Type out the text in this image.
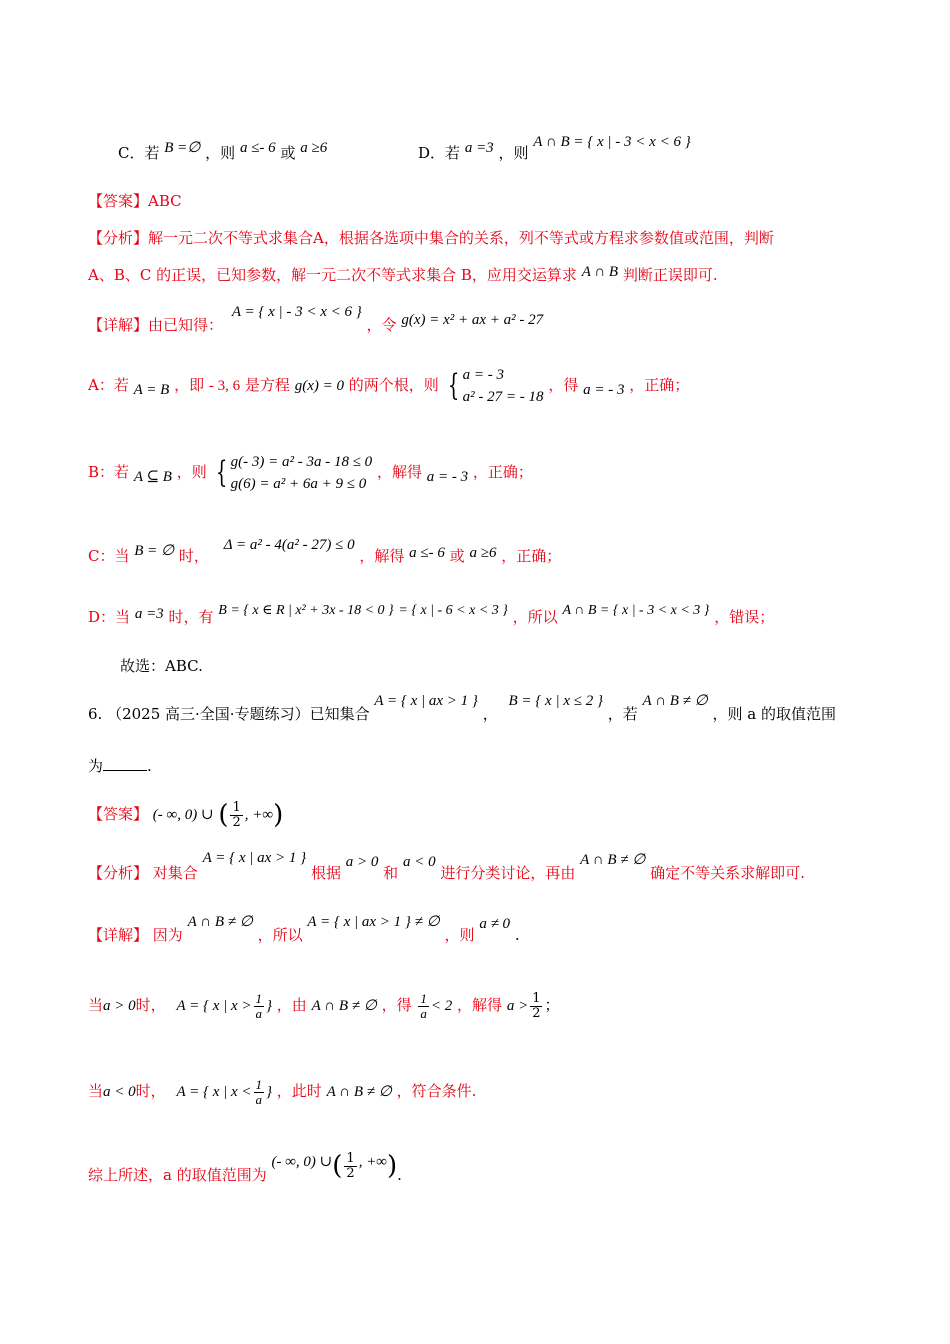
C．若 B =∅ ，则 a ≤- 6 或 a ≥6	D．若 a =3 ，则 A ∩ B = { x | - 3 < x < 6 }
【答案】ABC
【分析】解一元二次不等式求集合A，根据各选项中集合的关系，列不等式或方程求参数值或范围，判断
A、B、C 的正误，已知参数，解一元二次不等式求集合 B，应用交运算求 A ∩ B 判断正误即可.
【详解】由已知得： A = { x | - 3 < x < 6 } ，令 g(x) = x² + ax + a² - 27
A：若 A = B ，即 - 3, 6 是方程 g(x) = 0 的两个根，则 { a = - 3
a² - 27 = - 18
，得 a = - 3 ，正确；
B：若 A ⊆ B ，则 { g(- 3) = a² - 3a - 18 ≤ 0
g(6) = a² + 6a + 9 ≤ 0
，解得 a = - 3 ，正确；
C：当 B = ∅ 时， Δ = a² - 4(a² - 27) ≤ 0 ，解得 a ≤- 6 或 a ≥6 ，正确；
D：当 a =3 时，有 B = { x ∈ R | x² + 3x - 18 < 0 } = { x | - 6 < x < 3 } ，所以 A ∩ B = { x | - 3 < x < 3 } ，错误；
故选：ABC.
6. （2025 高三·全国·专题练习）已知集合 A = { x | ax > 1 } ， B = { x | x ≤ 2 } ，若 A ∩ B ≠ ∅ ，则 a 的取值范围
为	.
【答案】 (- ∞, 0) ∪ ( $\frac{1}{2}$ , +∞)
【分析】 对集合 A = { x | ax > 1 } 根据 a > 0 和 a < 0 进行分类讨论，再由 A ∩ B ≠ ∅ 确定不等关系求解即可.
【详解】 因为 A ∩ B ≠ ∅ ，所以 A = { x | ax > 1 } ≠ ∅ ，则 a ≠ 0 .
当a > 0时， A = { x | $x > \frac{1}{a}$ } ，由 A ∩ B ≠ ∅ ，得 $\frac{1}{a} < 2$ ，解得 $a > \frac{1}{2}$ ；
当a < 0时， A = { x | $x < \frac{1}{a}$ } ，此时 A ∩ B ≠ ∅ ，符合条件.
综上所述，a 的取值范围为 (- ∞, 0) ∪( $\frac{1}{2}$ , +∞).
